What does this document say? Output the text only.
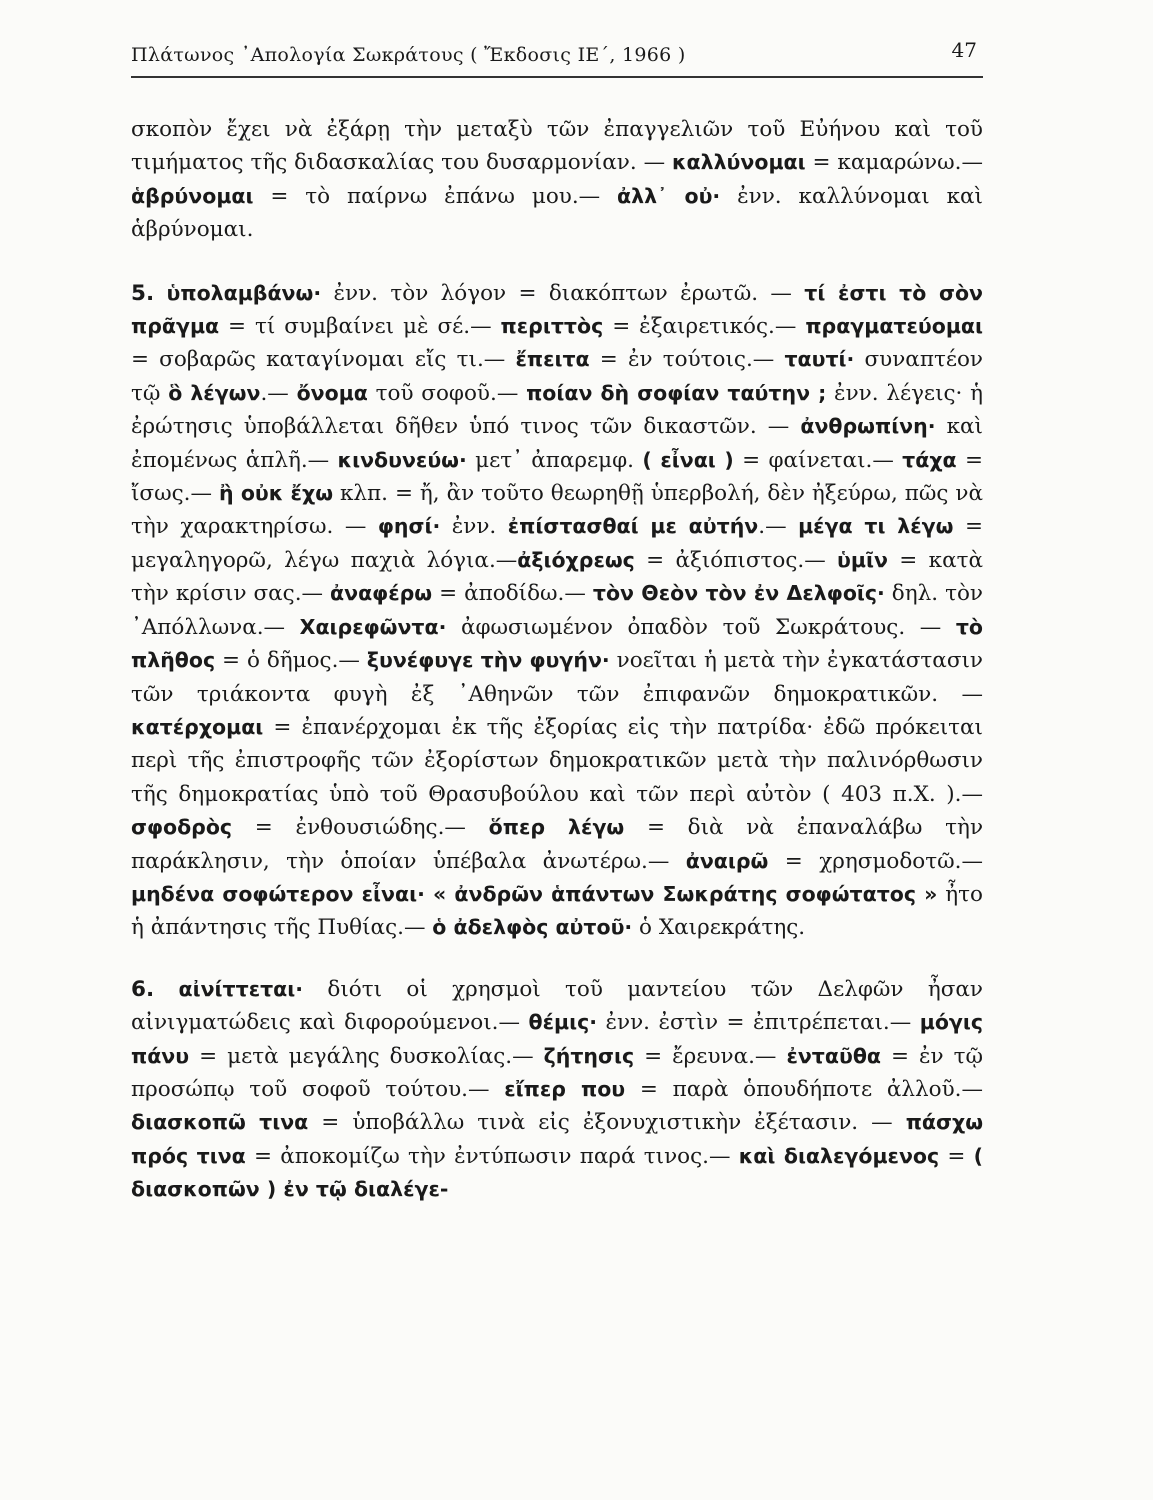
Πλάτωνος ᾿Απολογία Σωκράτους ( Ἔκδοσις ΙΕ΄, 1966 )	47

σκοπὸν ἔχει νὰ ἐξάρῃ τὴν μεταξὺ τῶν ἐπαγγελιῶν τοῦ Εὐήνου καὶ τοῦ τιμήματος τῆς διδασκαλίας του δυσαρμονίαν. — καλλύνομαι = καμαρώνω.— ἁβρύνομαι = τὸ παίρνω ἐπάνω μου.— ἀλλ᾽ οὐ· ἐνν. καλλύνομαι καὶ ἁβρύνομαι.

5. ὑπολαμβάνω· ἐνν. τὸν λόγον = διακόπτων ἐρωτῶ. — τί ἐστι τὸ σὸν πρᾶγμα = τί συμβαίνει μὲ σέ.— περιττὸς = ἐξαιρετικός.— πραγματεύομαι = σοβαρῶς καταγίνομαι εἴς τι.— ἔπειτα = ἐν τούτοις.— ταυτί· συναπτέον τῷ ὃ λέγων.— ὄνομα τοῦ σοφοῦ.— ποίαν δὴ σοφίαν ταύτην ; ἐνν. λέγεις· ἡ ἐρώτησις ὑποβάλλεται δῆθεν ὑπό τινος τῶν δικαστῶν. — ἀνθρωπίνη· καὶ ἐπομένως ἁπλῆ.— κινδυνεύω· μετ᾽ ἀπαρεμφ. ( εἶναι ) = φαίνεται.— τάχα = ἴσως.— ἢ οὐκ ἔχω κλπ. = ἤ, ἂν τοῦτο θεωρηθῇ ὑπερβολή, δὲν ἠξεύρω, πῶς νὰ τὴν χαρακτηρίσω. — φησί· ἐνν. ἐπίστασθαί με αὐτήν.— μέγα τι λέγω = μεγαληγορῶ, λέγω παχιὰ λόγια.—ἀξιόχρεως = ἀξιόπιστος.— ὑμῖν = κατὰ τὴν κρίσιν σας.— ἀναφέρω = ἀποδίδω.— τὸν Θεὸν τὸν ἐν Δελφοῖς· δηλ. τὸν ᾿Απόλλωνα.— Χαιρεφῶντα· ἀφωσιωμένον ὀπαδὸν τοῦ Σωκράτους. — τὸ πλῆθος = ὁ δῆμος.— ξυνέφυγε τὴν φυγήν· νοεῖται ἡ μετὰ τὴν ἐγκατάστασιν τῶν τριάκοντα φυγὴ ἐξ ᾿Αθηνῶν τῶν ἐπιφανῶν δημοκρατικῶν. — κατέρχομαι = ἐπανέρχομαι ἐκ τῆς ἐξορίας εἰς τὴν πατρίδα· ἐδῶ πρόκειται περὶ τῆς ἐπιστροφῆς τῶν ἐξορίστων δημοκρατικῶν μετὰ τὴν παλινόρθωσιν τῆς δημοκρατίας ὑπὸ τοῦ Θρασυβούλου καὶ τῶν περὶ αὐτὸν ( 403 π.Χ. ).— σφοδρὸς = ἐνθουσιώδης.— ὅπερ λέγω = διὰ νὰ ἐπαναλάβω τὴν παράκλησιν, τὴν ὁποίαν ὑπέβαλα ἀνωτέρω.— ἀναιρῶ = χρησμοδοτῶ.— μηδένα σοφώτερον εἶναι· « ἀνδρῶν ἁπάντων Σωκράτης σοφώτατος » ἦτο ἡ ἀπάντησις τῆς Πυθίας.— ὁ ἀδελφὸς αὐτοῦ· ὁ Χαιρεκράτης.

6. αἰνίττεται· διότι οἱ χρησμοὶ τοῦ μαντείου τῶν Δελφῶν ἦσαν αἰνιγματώδεις καὶ διφορούμενοι.— θέμις· ἐνν. ἐστὶν = ἐπιτρέπεται.— μόγις πάνυ = μετὰ μεγάλης δυσκολίας.— ζήτησις = ἔρευνα.— ἐνταῦθα = ἐν τῷ προσώπῳ τοῦ σοφοῦ τούτου.— εἴπερ που = παρὰ ὁπουδήποτε ἀλλοῦ.— διασκοπῶ τινα = ὑποβάλλω τινὰ εἰς ἐξονυχιστικὴν ἐξέτασιν. — πάσχω πρός τινα = ἀποκομίζω τὴν ἐντύπωσιν παρά τινος.— καὶ διαλεγόμενος = ( διασκοπῶν ) ἐν τῷ διαλέγε-
